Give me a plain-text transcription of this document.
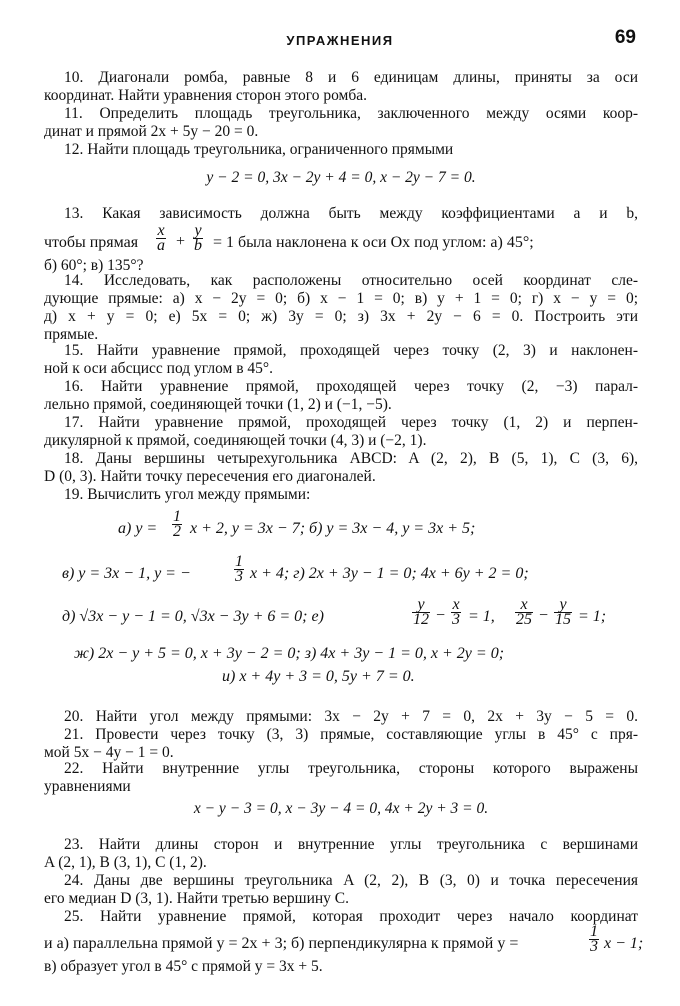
УПРАЖНЕНИЯ	69
10. Диагонали ромба, равные 8 и 6 единицам длины, приняты за оси
координат. Найти уравнения сторон этого ромба.
11. Определить площадь треугольника, заключенного между осями коор-
динат и прямой 2x + 5y − 20 = 0.
12. Найти площадь треугольника, ограниченного прямыми
y − 2 = 0, 3x − 2y + 4 = 0, x − 2y − 7 = 0.
13. Какая зависимость должна быть между коэффициентами a и b,
чтобы прямая $\frac{x}{a} + \frac{y}{b} = 1$ была наклонена к оси Ox под углом: а) 45°;
б) 60°; в) 135°?
14. Исследовать, как расположены относительно осей координат сле-
дующие прямые: а) x − 2y = 0; б) x − 1 = 0; в) y + 1 = 0; г) x − y = 0;
д) x + y = 0; е) 5x = 0; ж) 3y = 0; з) 3x + 2y − 6 = 0. Построить эти
прямые.
15. Найти уравнение прямой, проходящей через точку (2, 3) и наклонен-
ной к оси абсцисс под углом в 45°.
16. Найти уравнение прямой, проходящей через точку (2, −3) парал-
лельно прямой, соединяющей точки (1, 2) и (−1, −5).
17. Найти уравнение прямой, проходящей через точку (1, 2) и перпен-
дикулярной к прямой, соединяющей точки (4, 3) и (−2, 1).
18. Даны вершины четырехугольника ABCD: A (2, 2), B (5, 1), C (3, 6),
D (0, 3). Найти точку пересечения его диагоналей.
19. Вычислить угол между прямыми:
а) $y = \frac{1}{2}$ x + 2, y = 3x − 7; б) y = 3x − 4, y = 3x + 5;
в) y = 3x − 1, y = −	$\frac{1}{3}$ x + 4; г) 2x + 3y − 1 = 0; 4x + 6y + 2 = 0;
д) √3x − y − 1 = 0, √3x − 3y + 6 = 0; е)	$\frac{y}{12} - \frac{x}{3} = 1$, $\frac{x}{25} - \frac{y}{15} = 1$;
ж) 2x − y + 5 = 0, x + 3y − 2 = 0; з) 4x + 3y − 1 = 0, x + 2y = 0;
и) x + 4y + 3 = 0, 5y + 7 = 0.
20. Найти угол между прямыми: 3x − 2y + 7 = 0, 2x + 3y − 5 = 0.
21. Провести через точку (3, 3) прямые, составляющие углы в 45° с пря-
мой 5x − 4y − 1 = 0.
22. Найти внутренние углы треугольника, стороны которого выражены
уравнениями
x − y − 3 = 0, x − 3y − 4 = 0, 4x + 2y + 3 = 0.
23. Найти длины сторон и внутренние углы треугольника с вершинами
A (2, 1), B (3, 1), C (1, 2).
24. Даны две вершины треугольника A (2, 2), B (3, 0) и точка пересечения
его медиан D (3, 1). Найти третью вершину C.
25. Найти уравнение прямой, которая проходит через начало координат
и а) параллельна прямой y = 2x + 3; б) перпендикулярна к прямой y =	$\frac{1}{3}$ x − 1;
в) образует угол в 45° с прямой y = 3x + 5.
